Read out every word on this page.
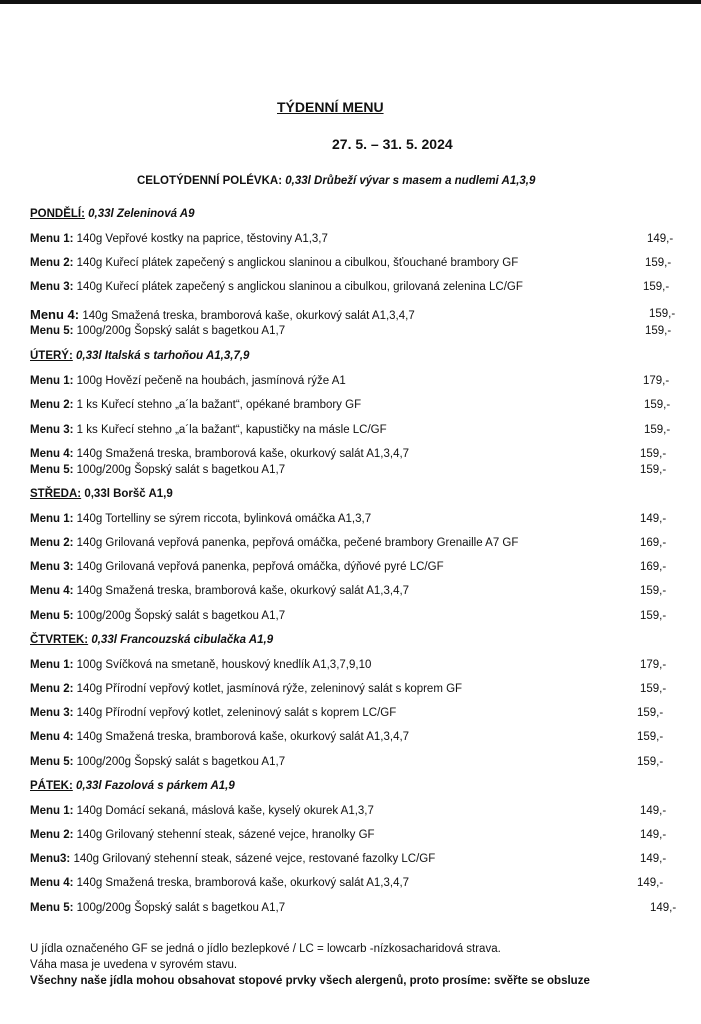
TÝDENNÍ MENU
27. 5. – 31. 5. 2024
CELOTÝDENNÍ POLÉVKA: 0,33l Drůbeží vývar s masem a nudlemi A1,3,9
PONDĚLÍ: 0,33l Zeleninová A9
Menu 1: 140g Vepřové kostky na paprice, těstoviny A1,3,7	149,-
Menu 2: 140g Kuřecí plátek zapečený s anglickou slaninou a cibulkou, šťouchané brambory GF	159,-
Menu 3: 140g Kuřecí plátek zapečený s anglickou slaninou a cibulkou, grilovaná zelenina LC/GF	159,-
Menu 4: 140g Smažená treska, bramborová kaše, okurkový salát A1,3,4,7	159,-
Menu 5: 100g/200g Šopský salát s bagetkou A1,7	159,-
ÚTERÝ: 0,33l Italská s tarhoňou A1,3,7,9
Menu 1: 100g Hovězí pečeně na houbách, jasmínová rýže A1	179,-
Menu 2: 1 ks Kuřecí stehno „a´la bažant“, opékané brambory GF	159,-
Menu 3: 1 ks Kuřecí stehno „a´la bažant“, kapustičky na másle LC/GF	159,-
Menu 4: 140g Smažená treska, bramborová kaše, okurkový salát A1,3,4,7	159,-
Menu 5: 100g/200g Šopský salát s bagetkou A1,7	159,-
STŘEDA: 0,33l Boršč A1,9
Menu 1: 140g Tortelliny se sýrem riccota, bylinková omáčka A1,3,7	149,-
Menu 2: 140g Grilovaná vepřová panenka, pepřová omáčka, pečené brambory Grenaille A7 GF	169,-
Menu 3: 140g Grilovaná vepřová panenka, pepřová omáčka, dýňové pyré LC/GF	169,-
Menu 4: 140g Smažená treska, bramborová kaše, okurkový salát A1,3,4,7	159,-
Menu 5: 100g/200g Šopský salát s bagetkou A1,7	159,-
ČTVRTEK: 0,33l Francouzská cibulačka A1,9
Menu 1: 100g Svíčková na smetaně, houskový knedlík A1,3,7,9,10	179,-
Menu 2: 140g Přírodní vepřový kotlet, jasmínová rýže, zeleninový salát s koprem GF	159,-
Menu 3: 140g Přírodní vepřový kotlet, zeleninový salát s koprem LC/GF	159,-
Menu 4: 140g Smažená treska, bramborová kaše, okurkový salát A1,3,4,7	159,-
Menu 5: 100g/200g Šopský salát s bagetkou A1,7	159,-
PÁTEK: 0,33l Fazolová s párkem A1,9
Menu 1: 140g Domácí sekaná, máslová kaše, kyselý okurek A1,3,7	149,-
Menu 2: 140g Grilovaný stehenní steak, sázené vejce, hranolky GF	149,-
Menu3: 140g Grilovaný stehenní steak, sázené vejce, restované fazolky LC/GF	149,-
Menu 4: 140g Smažená treska, bramborová kaše, okurkový salát A1,3,4,7	149,-
Menu 5: 100g/200g Šopský salát s bagetkou A1,7	149,-
U jídla označeného GF se jedná o jídlo bezlepkové / LC = lowcarb -nízkosacharidová strava.
Váha masa je uvedena v syrovém stavu.
Všechny naše jídla mohou obsahovat stopové prvky všech alergenů, proto prosíme: svěřte se obsluze
